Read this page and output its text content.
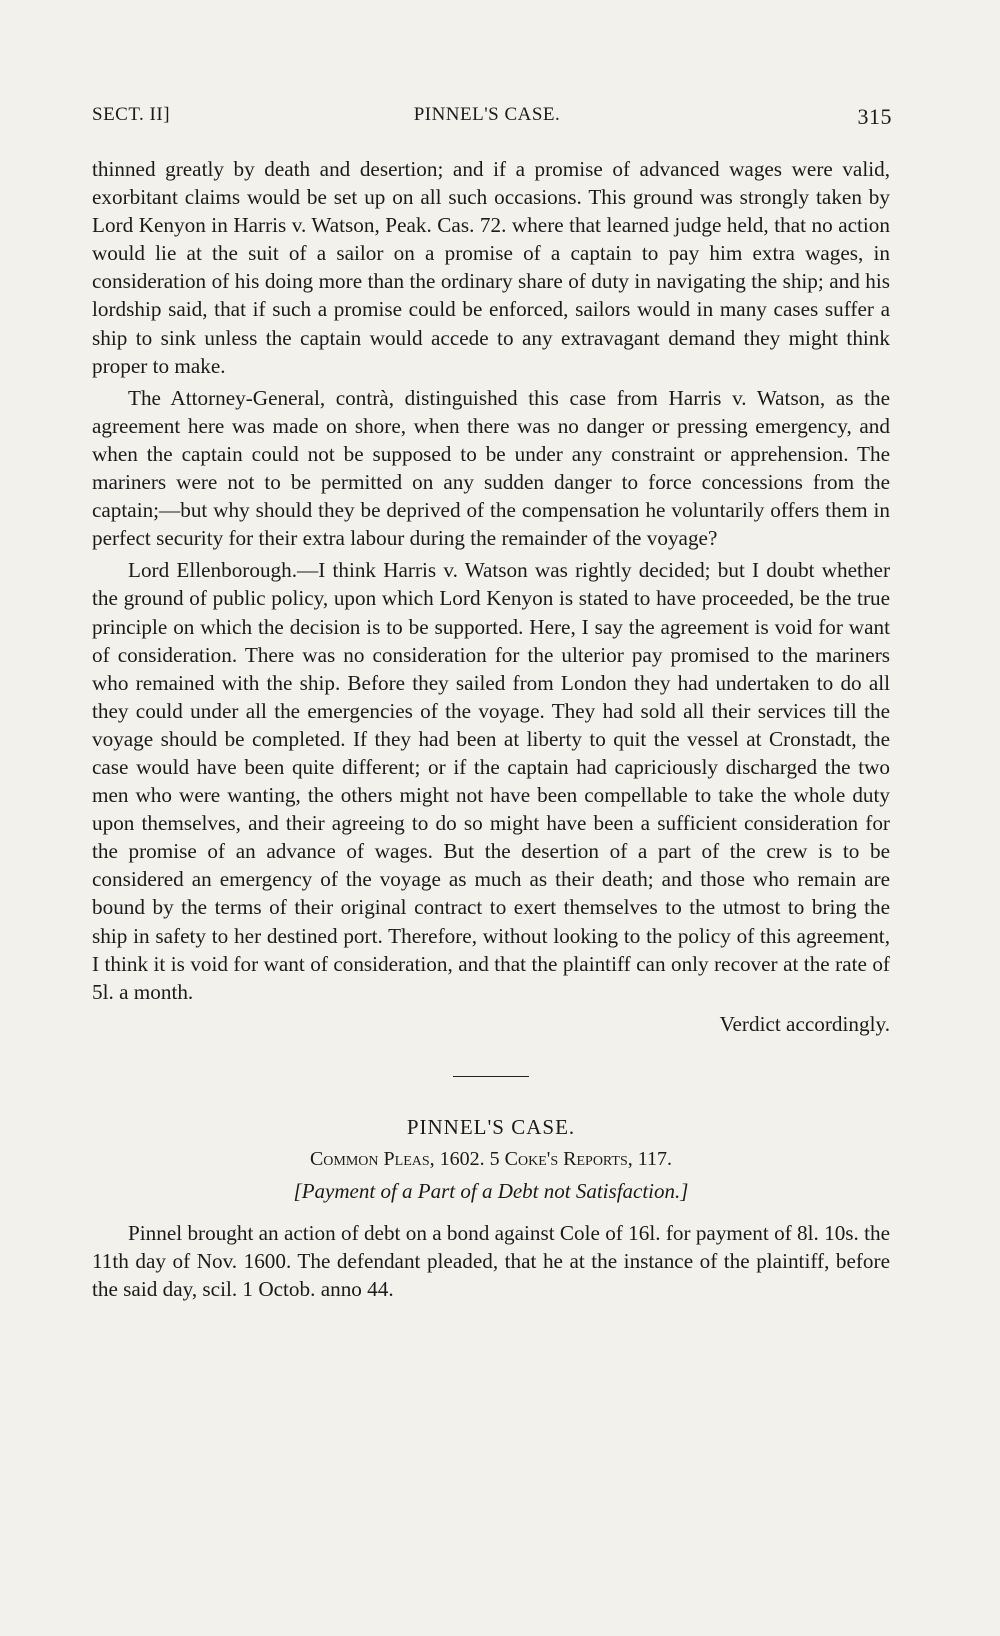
SECT. II]	PINNEL'S CASE.	315

thinned greatly by death and desertion; and if a promise of advanced wages were valid, exorbitant claims would be set up on all such occasions. This ground was strongly taken by Lord Kenyon in Harris v. Watson, Peak. Cas. 72. where that learned judge held, that no action would lie at the suit of a sailor on a promise of a captain to pay him extra wages, in consideration of his doing more than the ordinary share of duty in navigating the ship; and his lordship said, that if such a promise could be enforced, sailors would in many cases suffer a ship to sink unless the captain would accede to any extravagant demand they might think proper to make.

The Attorney-General, contrà, distinguished this case from Harris v. Watson, as the agreement here was made on shore, when there was no danger or pressing emergency, and when the captain could not be supposed to be under any constraint or apprehension. The mariners were not to be permitted on any sudden danger to force concessions from the captain;—but why should they be deprived of the compensation he voluntarily offers them in perfect security for their extra labour during the remainder of the voyage?

Lord Ellenborough.—I think Harris v. Watson was rightly decided; but I doubt whether the ground of public policy, upon which Lord Kenyon is stated to have proceeded, be the true principle on which the decision is to be supported. Here, I say the agreement is void for want of consideration. There was no consideration for the ulterior pay promised to the mariners who remained with the ship. Before they sailed from London they had undertaken to do all they could under all the emergencies of the voyage. They had sold all their services till the voyage should be completed. If they had been at liberty to quit the vessel at Cronstadt, the case would have been quite different; or if the captain had capriciously discharged the two men who were wanting, the others might not have been compellable to take the whole duty upon themselves, and their agreeing to do so might have been a sufficient consideration for the promise of an advance of wages. But the desertion of a part of the crew is to be considered an emergency of the voyage as much as their death; and those who remain are bound by the terms of their original contract to exert themselves to the utmost to bring the ship in safety to her destined port. Therefore, without looking to the policy of this agreement, I think it is void for want of consideration, and that the plaintiff can only recover at the rate of 5l. a month.

Verdict accordingly.

PINNEL'S CASE.

Common Pleas, 1602. 5 Coke's Reports, 117.

[Payment of a Part of a Debt not Satisfaction.]

Pinnel brought an action of debt on a bond against Cole of 16l. for payment of 8l. 10s. the 11th day of Nov. 1600. The defendant pleaded, that he at the instance of the plaintiff, before the said day, scil. 1 Octob. anno 44.
